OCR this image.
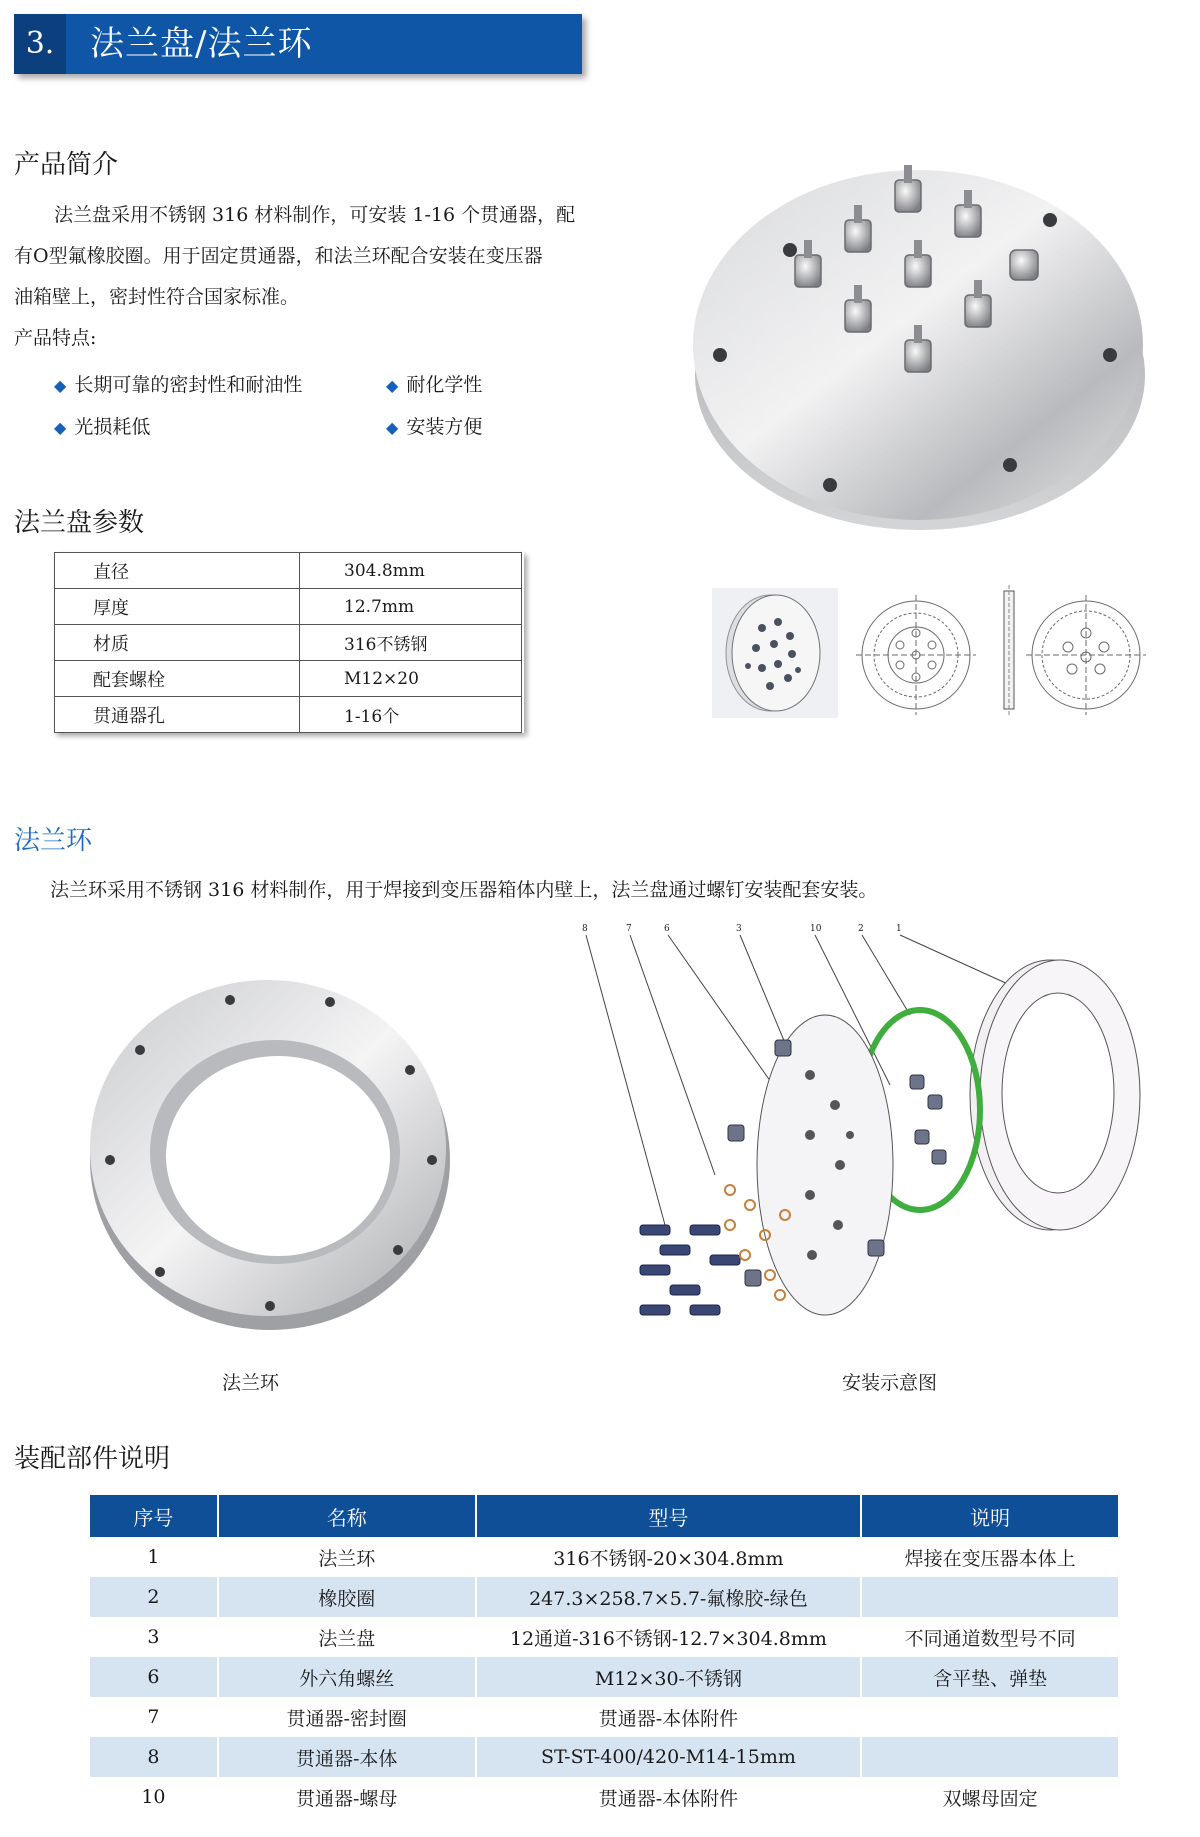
3.	法兰盘/法兰环
产品简介
法兰盘采用不锈钢 316 材料制作，可安装 1-16 个贯通器，配
有O型氟橡胶圈。用于固定贯通器，和法兰环配合安装在变压器
油箱壁上，密封性符合国家标准。
产品特点:
◆ 长期可靠的密封性和耐油性	◆ 耐化学性
◆ 光损耗低	◆ 安装方便
法兰盘参数
直径	304.8mm
厚度	12.7mm
材质	316不锈钢
配套螺栓	M12×20
贯通器孔	1-16个
法兰环
法兰环采用不锈钢 316 材料制作，用于焊接到变压器箱体内壁上，法兰盘通过螺钉安装配套安装。
法兰环
8	7	6	3	10	2	1
安装示意图
装配部件说明
序号	名称	型号	说明
1	法兰环	316不锈钢-20×304.8mm	焊接在变压器本体上
2	橡胶圈	247.3×258.7×5.7-氟橡胶-绿色	
3	法兰盘	12通道-316不锈钢-12.7×304.8mm	不同通道数型号不同
6	外六角螺丝	M12×30-不锈钢	含平垫、弹垫
7	贯通器-密封圈	贯通器-本体附件	
8	贯通器-本体	ST-ST-400/420-M14-15mm	
10	贯通器-螺母	贯通器-本体附件	双螺母固定
